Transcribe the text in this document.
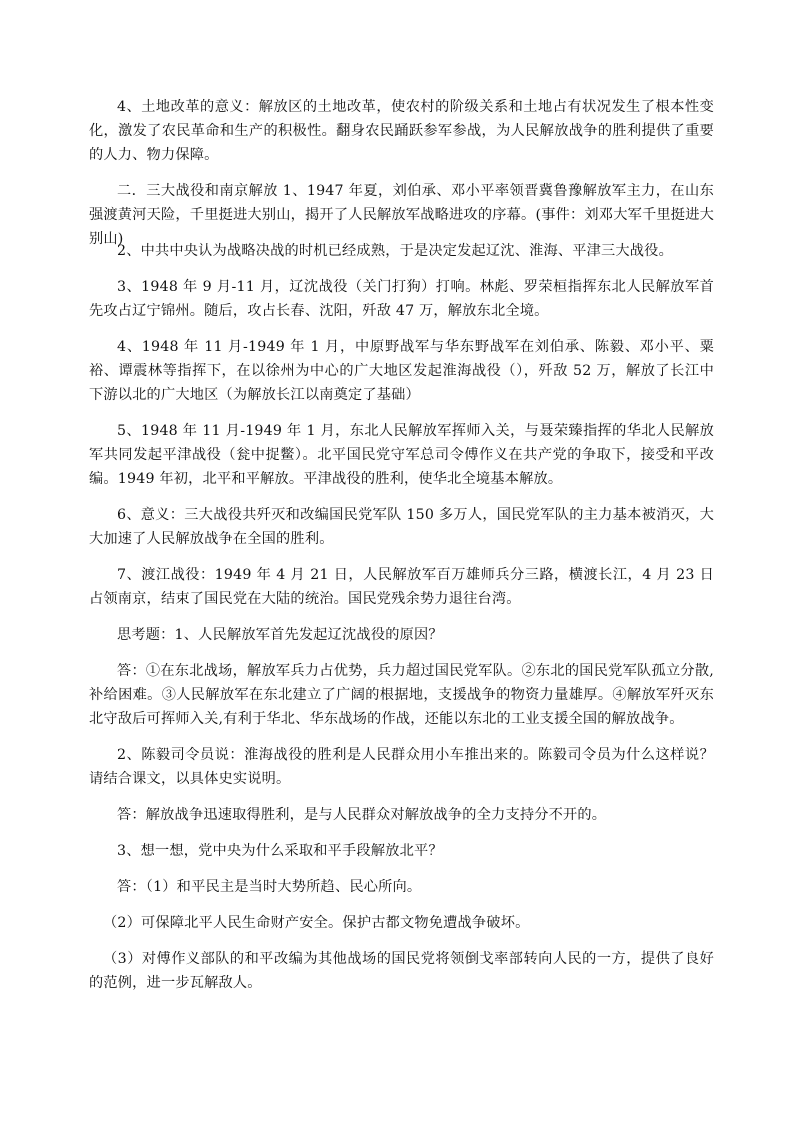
4、土地改革的意义：解放区的土地改革，使农村的阶级关系和土地占有状况发生了根本性变化，激发了农民革命和生产的积极性。翻身农民踊跃参军参战，为人民解放战争的胜利提供了重要的人力、物力保障。

二．三大战役和南京解放 1、1947 年夏，刘伯承、邓小平率领晋冀鲁豫解放军主力，在山东强渡黄河天险，千里挺进大别山，揭开了人民解放军战略进攻的序幕。(事件：刘邓大军千里挺进大别山)

2、中共中央认为战略决战的时机已经成熟，于是决定发起辽沈、淮海、平津三大战役。

3、1948 年 9 月-11 月，辽沈战役（关门打狗）打响。林彪、罗荣桓指挥东北人民解放军首先攻占辽宁锦州。随后，攻占长春、沈阳，歼敌 47 万，解放东北全境。

4、1948 年 11 月-1949 年 1 月，中原野战军与华东野战军在刘伯承、陈毅、邓小平、粟裕、谭震林等指挥下，在以徐州为中心的广大地区发起淮海战役（），歼敌 52 万，解放了长江中下游以北的广大地区（为解放长江以南奠定了基础）

5、1948 年 11 月-1949 年 1 月，东北人民解放军挥师入关，与聂荣臻指挥的华北人民解放军共同发起平津战役（瓮中捉鳖）。北平国民党守军总司令傅作义在共产党的争取下，接受和平改编。1949 年初，北平和平解放。平津战役的胜利，使华北全境基本解放。

6、意义：三大战役共歼灭和改编国民党军队 150 多万人，国民党军队的主力基本被消灭，大大加速了人民解放战争在全国的胜利。

7、渡江战役：1949 年 4 月 21 日，人民解放军百万雄师兵分三路，横渡长江，4 月 23 日占领南京，结束了国民党在大陆的统治。国民党残余势力退往台湾。

思考题：1、人民解放军首先发起辽沈战役的原因？

答：①在东北战场，解放军兵力占优势，兵力超过国民党军队。②东北的国民党军队孤立分散,补给困难。③人民解放军在东北建立了广阔的根据地，支援战争的物资力量雄厚。④解放军歼灭东北守敌后可挥师入关,有利于华北、华东战场的作战，还能以东北的工业支援全国的解放战争。

2、陈毅司令员说：淮海战役的胜利是人民群众用小车推出来的。陈毅司令员为什么这样说？请结合课文，以具体史实说明。

答：解放战争迅速取得胜利，是与人民群众对解放战争的全力支持分不开的。

3、想一想，党中央为什么采取和平手段解放北平？

答：（1）和平民主是当时大势所趋、民心所向。

（2）可保障北平人民生命财产安全。保护古都文物免遭战争破坏。

（3）对傅作义部队的和平改编为其他战场的国民党将领倒戈率部转向人民的一方，提供了良好的范例，进一步瓦解敌人。
